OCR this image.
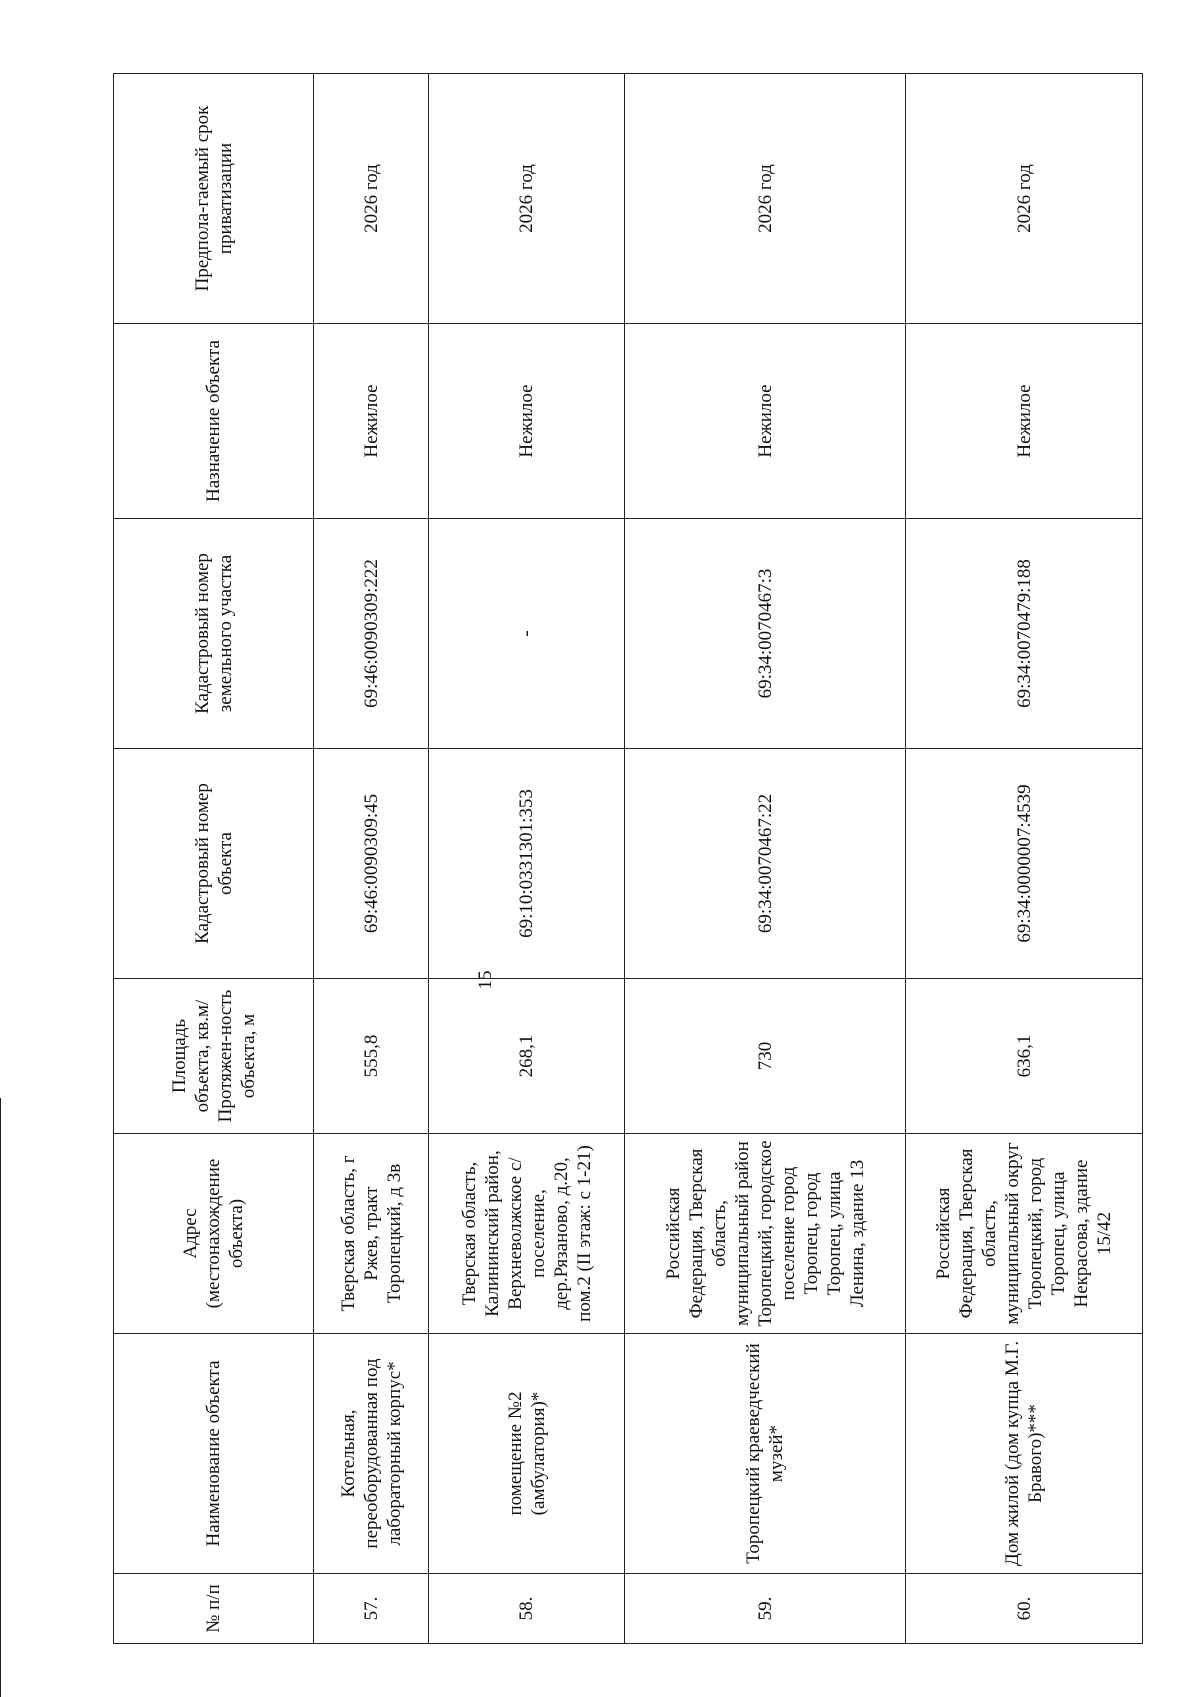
15
№ п/п	Наименование объекта	Адрес (местонахождение объекта)	Площадь объекта, кв.м/ Протяжен-ность объекта, м	Кадастровый номер объекта	Кадастровый номер земельного участка	Назначение объекта	Предпола-гаемый срок приватизации
57.	Котельная, переоборудованная под лабораторный корпус*	Тверская область, г Ржев, тракт Торопецкий, д 3в	555,8	69:46:0090309:45	69:46:0090309:222	Нежилое	2026 год
58.	помещение №2 (амбулатория)*	Тверская область, Калининский район, Верхневолжское с/поселение, дер.Рязаново, д.20, пом.2 (II этаж: с 1-21)	268,1	69:10:0331301:353	-	Нежилое	2026 год
59.	Торопецкий краеведческий музей*	Российская Федерация, Тверская область, муниципальный район Торопецкий, городское поселение город Торопец, город Торопец, улица Ленина, здание 13	730	69:34:0070467:22	69:34:0070467:3	Нежилое	2026 год
60.	Дом жилой (дом купца М.Г. Бравого)***	Российская Федерация, Тверская область, муниципальный округ Торопецкий, город Торопец, улица Некрасова, здание 15/42	636,1	69:34:0000007:4539	69:34:0070479:188	Нежилое	2026 год
